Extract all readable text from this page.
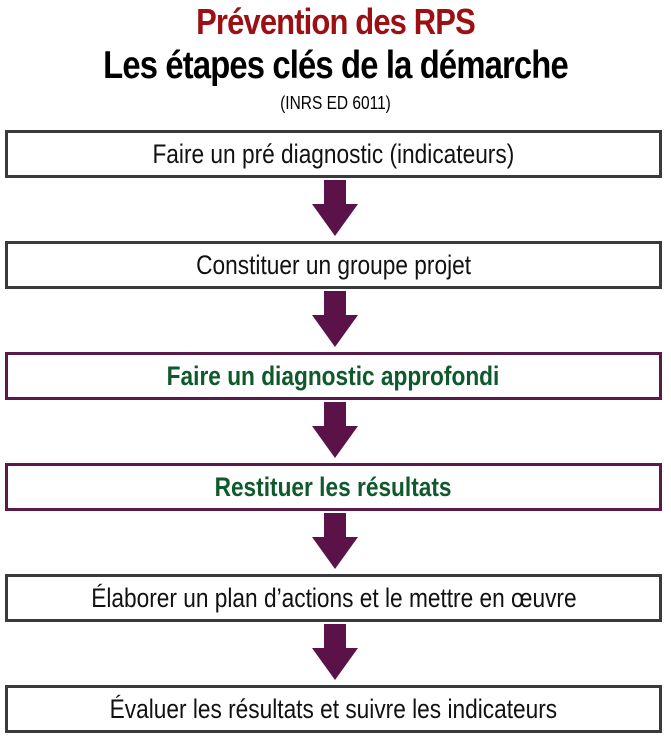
Prévention des RPS
Les étapes clés de la démarche
(INRS ED 6011)
Faire un pré diagnostic (indicateurs)
Constituer un groupe projet
Faire un diagnostic approfondi
Restituer les résultats
Élaborer un plan d’actions et le mettre en œuvre
Évaluer les résultats et suivre les indicateurs
